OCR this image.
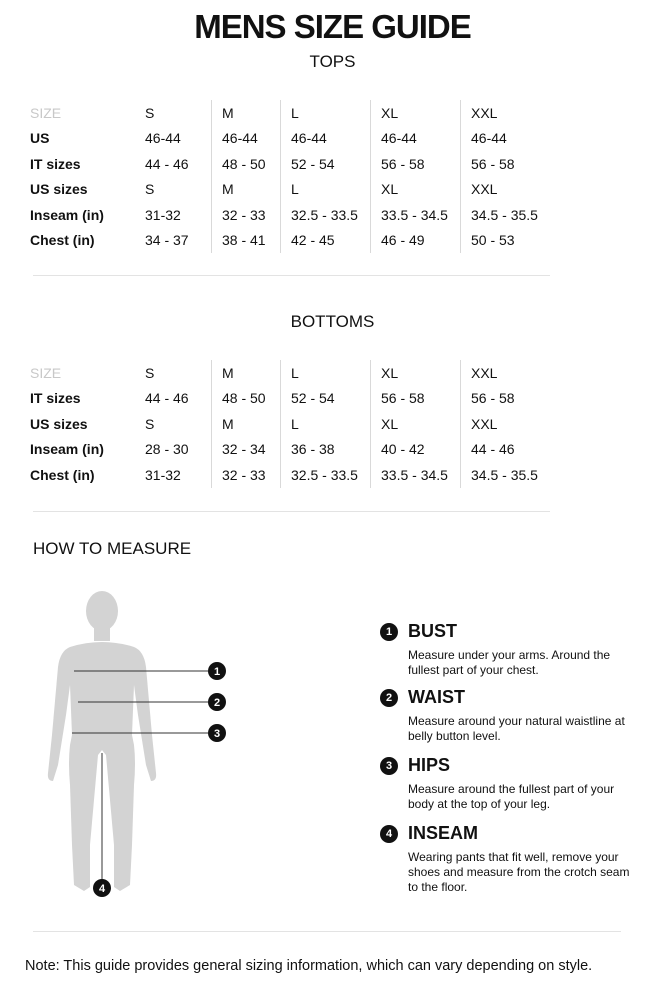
MENS SIZE GUIDE
TOPS
SIZE	S	M	L	XL	XXL
US	46-44	46-44	46-44	46-44	46-44
IT sizes	44 - 46	48 - 50	52 - 54	56 - 58	56 - 58
US sizes	S	M	L	XL	XXL
Inseam (in)	31-32	32 - 33	32.5 - 33.5	33.5 - 34.5	34.5 - 35.5
Chest (in)	34 - 37	38 - 41	42 - 45	46 - 49	50 - 53
BOTTOMS
SIZE	S	M	L	XL	XXL
IT sizes	44 - 46	48 - 50	52 - 54	56 - 58	56 - 58
US sizes	S	M	L	XL	XXL
Inseam (in)	28 - 30	32 - 34	36 - 38	40 - 42	44 - 46
Chest (in)	31-32	32 - 33	32.5 - 33.5	33.5 - 34.5	34.5 - 35.5
HOW TO MEASURE
1
2
3
4
1 BUST
Measure under your arms. Around the fullest part of your chest.
2 WAIST
Measure around your natural waistline at belly button level.
3 HIPS
Measure around the fullest part of your body at the top of your leg.
4 INSEAM
Wearing pants that fit well, remove your shoes and measure from the crotch seam to the floor.
Note: This guide provides general sizing information, which can vary depending on style.
